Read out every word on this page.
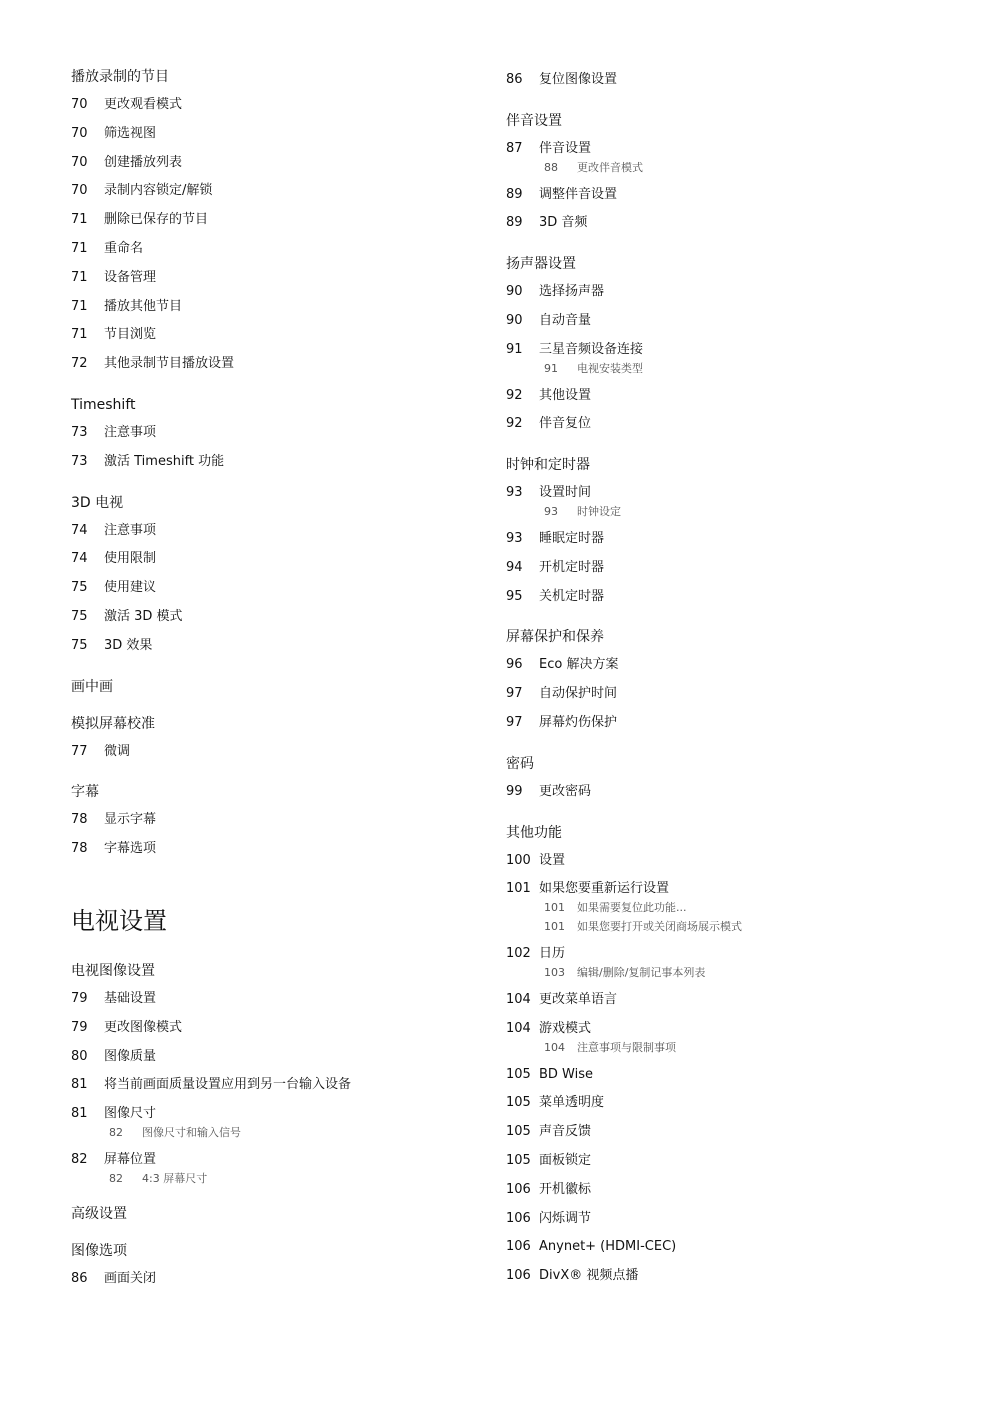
播放录制的节目
70	更改观看模式
70	筛选视图
70	创建播放列表
70	录制内容锁定/解锁
71	删除已保存的节目
71	重命名
71	设备管理
71	播放其他节目
71	节目浏览
72	其他录制节目播放设置
Timeshift
73	注意事项
73	激活 Timeshift 功能
3D 电视
74	注意事项
74	使用限制
75	使用建议
75	激活 3D 模式
75	3D 效果
画中画
模拟屏幕校准
77	微调
字幕
78	显示字幕
78	字幕选项
电视设置
电视图像设置
79	基础设置
79	更改图像模式
80	图像质量
81	将当前画面质量设置应用到另一台输入设备
81	图像尺寸
82	图像尺寸和输入信号
82	屏幕位置
82	4:3 屏幕尺寸
高级设置
图像选项
86	画面关闭
86	复位图像设置
伴音设置
87	伴音设置
88	更改伴音模式
89	调整伴音设置
89	3D 音频
扬声器设置
90	选择扬声器
90	自动音量
91	三星音频设备连接
91	电视安装类型
92	其他设置
92	伴音复位
时钟和定时器
93	设置时间
93	时钟设定
93	睡眠定时器
94	开机定时器
95	关机定时器
屏幕保护和保养
96	Eco 解决方案
97	自动保护时间
97	屏幕灼伤保护
密码
99	更改密码
其他功能
100 设置
101 如果您要重新运行设置
101	如果需要复位此功能...
101	如果您要打开或关闭商场展示模式
102 日历
103	编辑/删除/复制记事本列表
104 更改菜单语言
104 游戏模式
104	注意事项与限制事项
105 BD Wise
105 菜单透明度
105 声音反馈
105 面板锁定
106 开机徽标
106 闪烁调节
106 Anynet+ (HDMI-CEC)
106 DivX® 视频点播
